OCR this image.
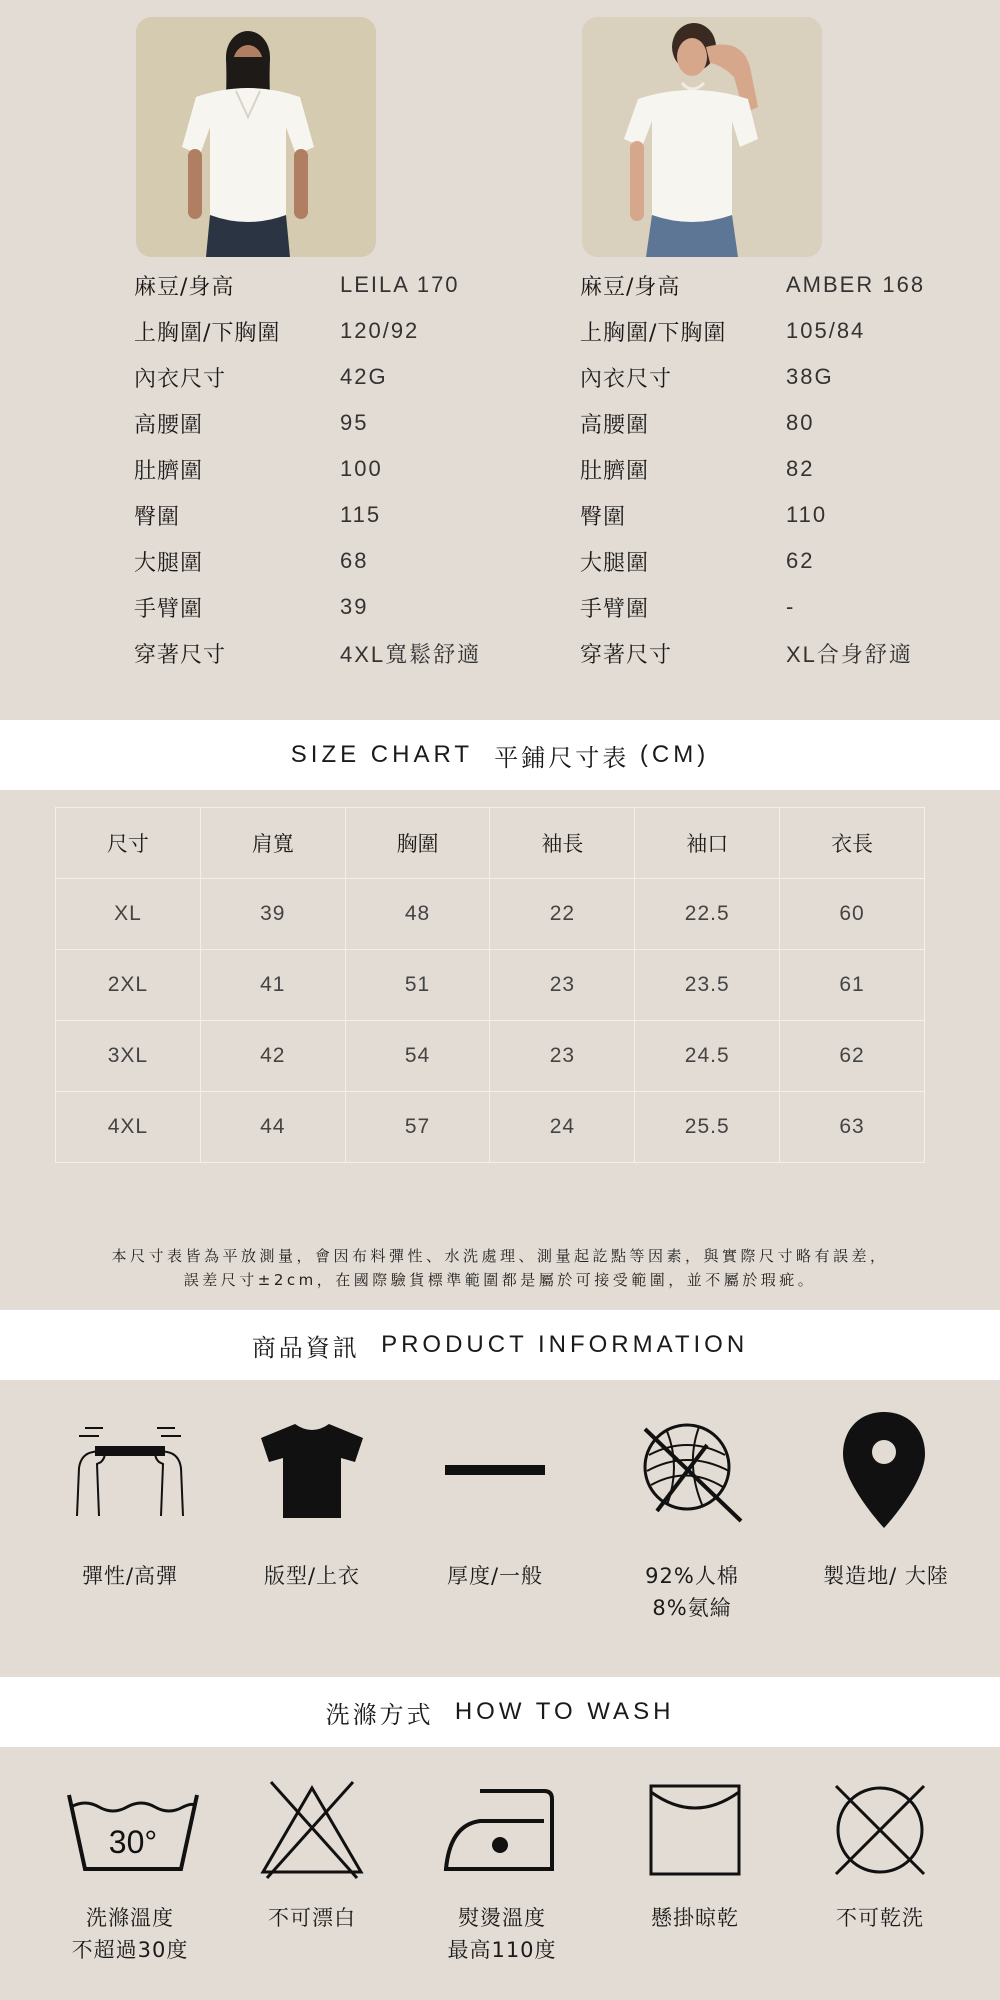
麻豆/身高	LEILA 170
上胸圍/下胸圍	120/92
內衣尺寸	42G
高腰圍	95
肚臍圍	100
臀圍	115
大腿圍	68
手臂圍	39
穿著尺寸	4XL寬鬆舒適
麻豆/身高	AMBER 168
上胸圍/下胸圍	105/84
內衣尺寸	38G
高腰圍	80
肚臍圍	82
臀圍	110
大腿圍	62
手臂圍	-
穿著尺寸	XL合身舒適
SIZE CHART
平鋪尺寸表
(CM)
尺寸	肩寬	胸圍	袖長	袖口	衣長
XL	39	48	22	22.5	60
2XL	41	51	23	23.5	61
3XL	42	54	23	24.5	62
4XL	44	57	24	25.5	63
本尺寸表皆為平放測量，會因布料彈性、水洗處理、測量起訖點等因素，與實際尺寸略有誤差，
誤差尺寸±2cm，在國際驗貨標準範圍都是屬於可接受範圍，並不屬於瑕疵。
商品資訊
PRODUCT INFORMATION
彈性/高彈	版型/上衣	厚度/一般	92%人棉
8%氨綸
製造地/ 大陸
洗滌方式
HOW TO WASH
30°
洗滌溫度
不超過30度
不可漂白	熨燙溫度
最高110度
懸掛晾乾	不可乾洗
